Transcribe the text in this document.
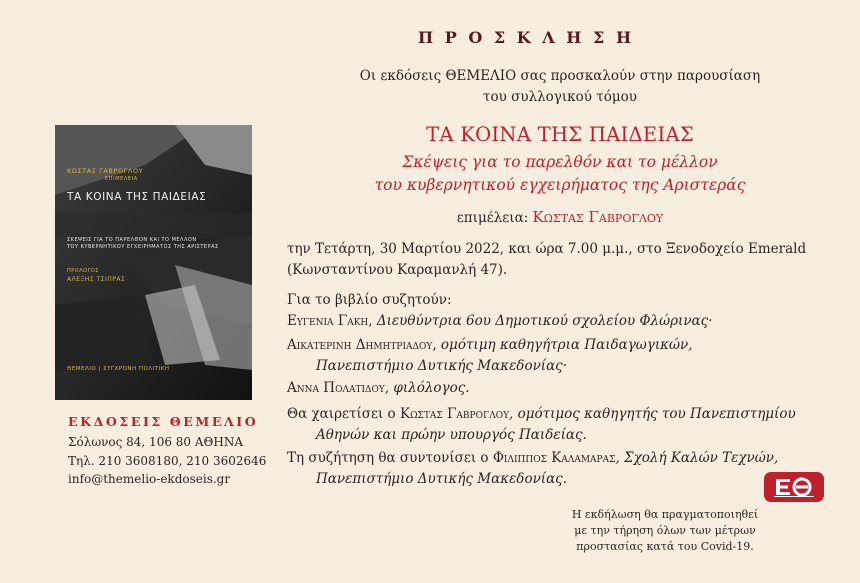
ΠΡΟΣΚΛΗΣΗ
Οι εκδόσεις ΘΕΜΕΛΙΟ σας προσκαλούν στην παρουσίαση
του συλλογικού τόμου
ΤΑ ΚΟΙΝΑ ΤΗΣ ΠΑΙΔΕΙΑΣ
Σκέψεις για το παρελθόν και το μέλλον
του κυβερνητικού εγχειρήματος της Αριστεράς
επιμέλεια: Κωστας Γαβρογλου
την Τετάρτη, 30 Μαρτίου 2022, και ώρα 7.00 μ.μ., στο Ξενοδοχείο Emerald
(Κωνσταντίνου Καραμανλή 47).
Για το βιβλίο συζητούν:
Ευγενια Γακη, Διευθύντρια 6ου Δημοτικού σχολείου Φλώρινας·
Αικατερινη Δημητριαδου, ομότιμη καθηγήτρια Παιδαγωγικών,
Πανεπιστήμιο Δυτικής Μακεδονίας·
Αννα Πολατιδου, φιλόλογος.
Θα χαιρετίσει ο Κωστας Γαβρογλου, ομότιμος καθηγητής του Πανεπιστημίου
Αθηνών και πρώην υπουργός Παιδείας.
Τη συζήτηση θα συντονίσει ο Φιλιππος Καλαμαρας, Σχολή Καλών Τεχνών,
Πανεπιστήμιο Δυτικής Μακεδονίας.
Η εκδήλωση θα πραγματοποιηθεί
με την τήρηση όλων των μέτρων
προστασίας κατά του Covid-19.
ΚΩΣΤΑΣ ΓΑΒΡΟΓΛΟΥ
ΕΠΙΜΕΛΕΙΑ
ΤΑ ΚΟΙΝΑ ΤΗΣ ΠΑΙΔΕΙΑΣ
ΣΚΕΨΕΙΣ ΓΙΑ ΤΟ ΠΑΡΕΛΘΟΝ ΚΑΙ ΤΟ ΜΕΛΛΟΝ
ΤΟΥ ΚΥΒΕΡΝΗΤΙΚΟΥ ΕΓΧΕΙΡΗΜΑΤΟΣ ΤΗΣ ΑΡΙΣΤΕΡΑΣ
ΠΡΟΛΟΓΟΣ
ΑΛΕΞΗΣ ΤΣΙΠΡΑΣ
ΘΕΜΕΛΙΟ | ΣΥΓΧΡΟΝΗ ΠΟΛΙΤΙΚΗ
ΕΚΔΟΣΕΙΣ ΘΕΜΕΛΙΟ
Σόλωνος 84, 106 80 ΑΘΗΝΑ
Τηλ. 210 3608180, 210 3602646
info@themelio-ekdoseis.gr
